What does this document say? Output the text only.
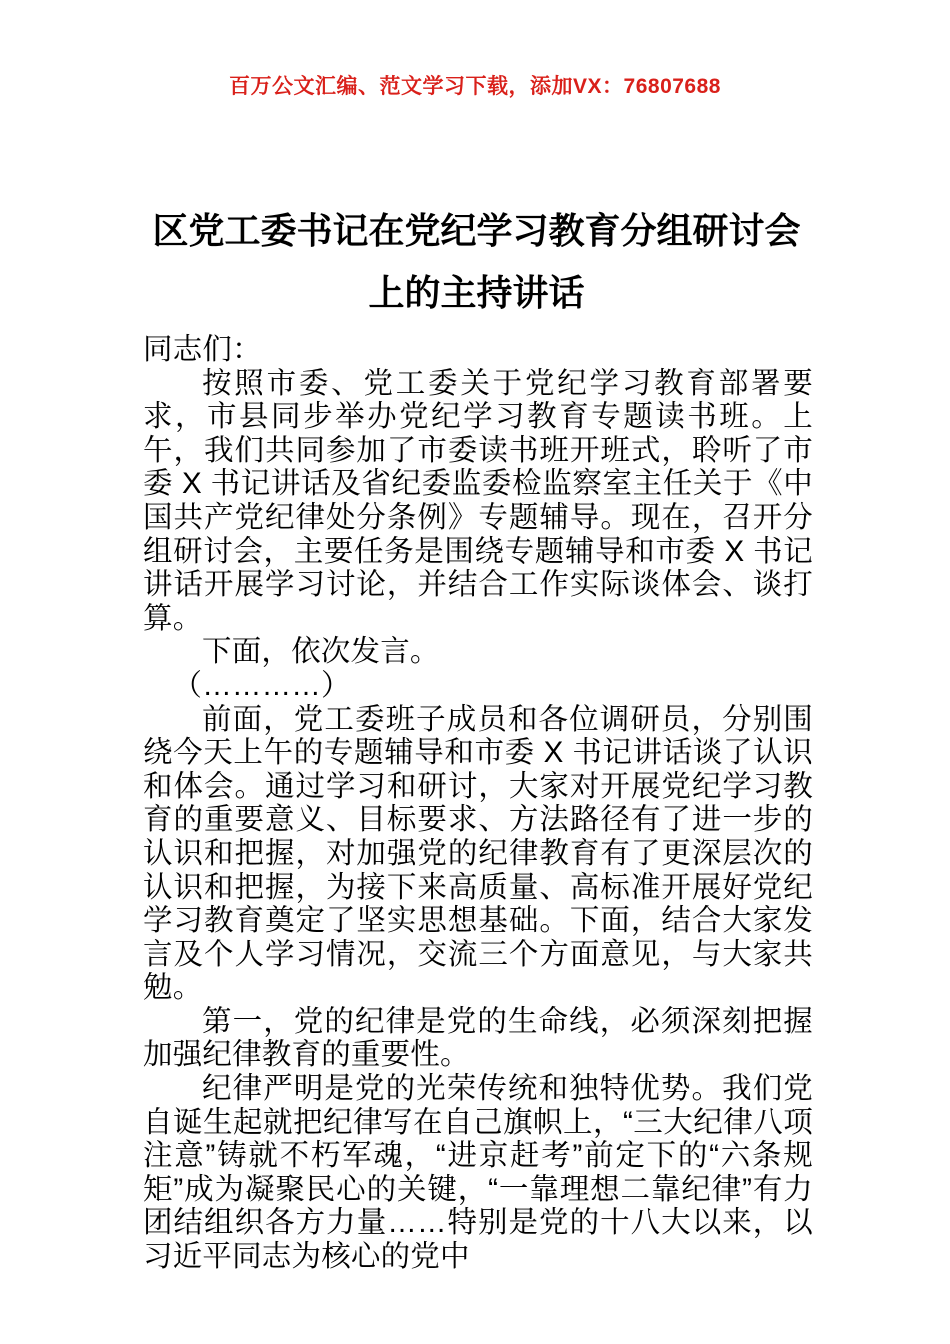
百万公文汇编、范文学习下载，添加VX：76807688
区党工委书记在党纪学习教育分组研讨会
上的主持讲话

同志们：

按照市委、党工委关于党纪学习教育部署要求，市县同步举办党纪学习教育专题读书班。上午，我们共同参加了市委读书班开班式，聆听了市委 X 书记讲话及省纪委监委检监察室主任关于《中国共产党纪律处分条例》专题辅导。现在，召开分组研讨会，主要任务是围绕专题辅导和市委 X 书记讲话开展学习讨论，并结合工作实际谈体会、谈打算。

下面，依次发言。

（…………）

前面，党工委班子成员和各位调研员，分别围绕今天上午的专题辅导和市委 X 书记讲话谈了认识和体会。通过学习和研讨，大家对开展党纪学习教育的重要意义、目标要求、方法路径有了进一步的认识和把握，对加强党的纪律教育有了更深层次的认识和把握，为接下来高质量、高标准开展好党纪学习教育奠定了坚实思想基础。下面，结合大家发言及个人学习情况，交流三个方面意见，与大家共勉。

第一，党的纪律是党的生命线，必须深刻把握加强纪律教育的重要性。

纪律严明是党的光荣传统和独特优势。我们党自诞生起就把纪律写在自己旗帜上，“三大纪律八项注意”铸就不朽军魂，“进京赶考”前定下的“六条规矩”成为凝聚民心的关键，“一靠理想二靠纪律”有力团结组织各方力量……特别是党的十八大以来，以习近平同志为核心的党中
